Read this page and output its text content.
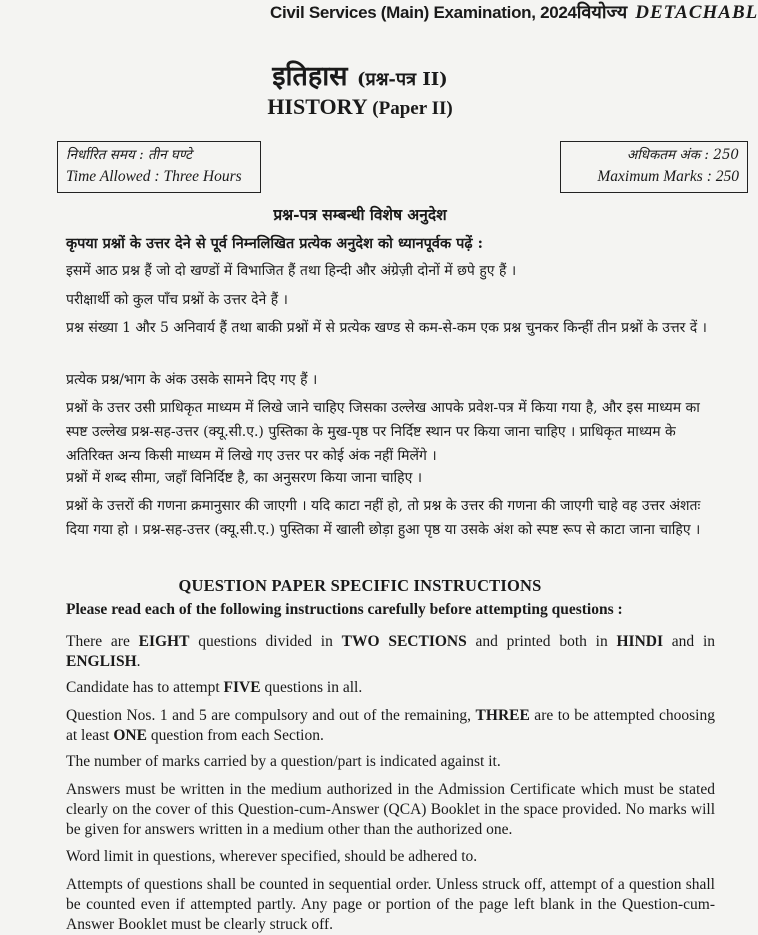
Civil Services (Main) Examination, 2024वियोज्य DETACHABL
इतिहास (प्रश्न-पत्र II)
HISTORY (Paper II)
निर्धारित समय : तीन घण्टे
Time Allowed : Three Hours
अधिकतम अंक : 250
Maximum Marks : 250
प्रश्न-पत्र सम्बन्धी विशेष अनुदेश
कृपया प्रश्नों के उत्तर देने से पूर्व निम्नलिखित प्रत्येक अनुदेश को ध्यानपूर्वक पढ़ें :
इसमें आठ प्रश्न हैं जो दो खण्डों में विभाजित हैं तथा हिन्दी और अंग्रेज़ी दोनों में छपे हुए हैं ।
परीक्षार्थी को कुल पाँच प्रश्नों के उत्तर देने हैं ।
प्रश्न संख्या 1 और 5 अनिवार्य हैं तथा बाकी प्रश्नों में से प्रत्येक खण्ड से कम-से-कम एक प्रश्न चुनकर किन्हीं तीन प्रश्नों के उत्तर दें ।
प्रत्येक प्रश्न/भाग के अंक उसके सामने दिए गए हैं ।
प्रश्नों के उत्तर उसी प्राधिकृत माध्यम में लिखे जाने चाहिए जिसका उल्लेख आपके प्रवेश-पत्र में किया गया है, और इस माध्यम का स्पष्ट उल्लेख प्रश्न-सह-उत्तर (क्यू.सी.ए.) पुस्तिका के मुख-पृष्ठ पर निर्दिष्ट स्थान पर किया जाना चाहिए । प्राधिकृत माध्यम के अतिरिक्त अन्य किसी माध्यम में लिखे गए उत्तर पर कोई अंक नहीं मिलेंगे ।
प्रश्नों में शब्द सीमा, जहाँ विनिर्दिष्ट है, का अनुसरण किया जाना चाहिए ।
प्रश्नों के उत्तरों की गणना क्रमानुसार की जाएगी । यदि काटा नहीं हो, तो प्रश्न के उत्तर की गणना की जाएगी चाहे वह उत्तर अंशतः दिया गया हो । प्रश्न-सह-उत्तर (क्यू.सी.ए.) पुस्तिका में खाली छोड़ा हुआ पृष्ठ या उसके अंश को स्पष्ट रूप से काटा जाना चाहिए ।
QUESTION PAPER SPECIFIC INSTRUCTIONS
Please read each of the following instructions carefully before attempting questions :
There are EIGHT questions divided in TWO SECTIONS and printed both in HINDI and in ENGLISH.
Candidate has to attempt FIVE questions in all.
Question Nos. 1 and 5 are compulsory and out of the remaining, THREE are to be attempted choosing at least ONE question from each Section.
The number of marks carried by a question/part is indicated against it.
Answers must be written in the medium authorized in the Admission Certificate which must be stated clearly on the cover of this Question-cum-Answer (QCA) Booklet in the space provided. No marks will be given for answers written in a medium other than the authorized one.
Word limit in questions, wherever specified, should be adhered to.
Attempts of questions shall be counted in sequential order. Unless struck off, attempt of a question shall be counted even if attempted partly. Any page or portion of the page left blank in the Question-cum-Answer Booklet must be clearly struck off.
